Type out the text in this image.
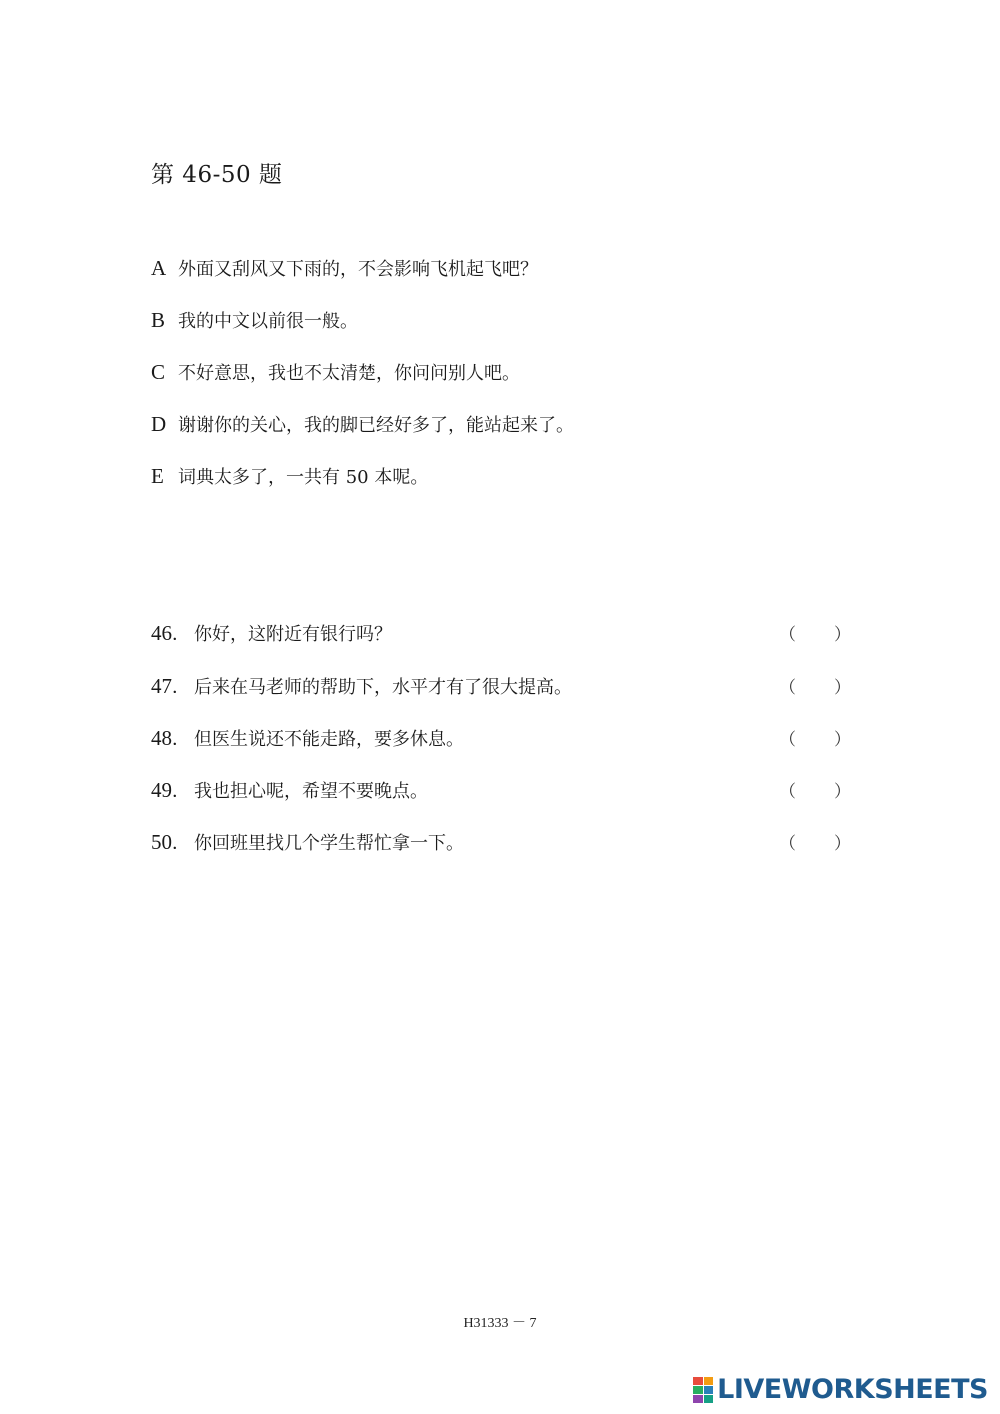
第 46-50 题
A 外面又刮风又下雨的，不会影响飞机起飞吧？
B 我的中文以前很一般。
C 不好意思，我也不太清楚，你问问别人吧。
D 谢谢你的关心，我的脚已经好多了，能站起来了。
E 词典太多了，一共有 50 本呢。
46 ． 你好，这附近有银行吗？	（ ）
47 ． 后来在马老师的帮助下，水平才有了很大提高。	（ ）
48 ． 但医生说还不能走路，要多休息。	（ ）
49 ． 我也担心呢，希望不要晚点。	（ ）
50 ． 你回班里找几个学生帮忙拿一下。	（ ）
H31333 － 7
LIVEWORKSHEETS
